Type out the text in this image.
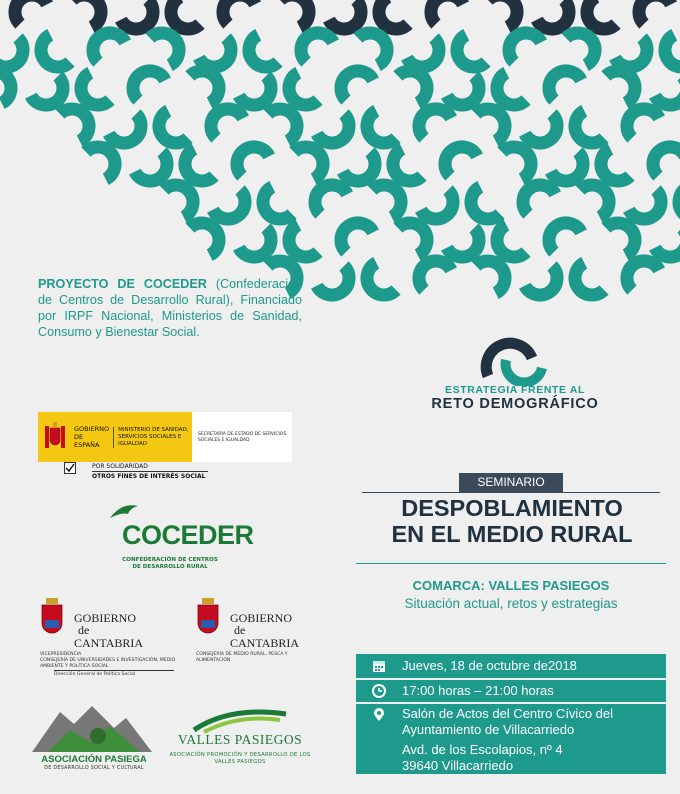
PROYECTO DE COCEDER (Confederación de Centros de Desarrollo Rural), Financiado por IRPF Nacional, Ministerios de Sanidad, Consumo y Bienestar Social.
ESTRATEGIA FRENTE AL
RETO DEMOGRÁFICO
GOBIERNO DE ESPAÑA
MINISTERIO DE SANIDAD, SERVICIOS SOCIALES E IGUALDAD
SECRETARÍA DE ESTADO DE SERVICIOS SOCIALES E IGUALDAD
POR SOLIDARIDAD
OTROS FINES DE INTERÉS SOCIAL
COCEDER
CONFEDERACIÓN DE CENTROS DE DESARROLLO RURAL
GOBIERNO
de
CANTABRIA
VICEPRESIDENCIA
CONSEJERÍA DE UNIVERSIDADES E INVESTIGACIÓN, MEDIO AMBIENTE Y POLÍTICA SOCIAL
Dirección General de Política Social
GOBIERNO
de
CANTABRIA
CONSEJERÍA DE MEDIO RURAL, PESCA Y ALIMENTACIÓN
ASOCIACIÓN PASIEGA
DE DESARROLLO SOCIAL Y CULTURAL
VALLES PASIEGOS
ASOCIACIÓN PROMOCIÓN Y DESARROLLO DE LOS VALLES PASIEGOS
SEMINARIO
DESPOBLAMIENTO
EN EL MEDIO RURAL
COMARCA: VALLES PASIEGOS
Situación actual, retos y estrategias
Jueves, 18 de octubre de2018
17:00 horas – 21:00 horas
Salón de Actos del Centro Cívico del
Ayuntamiento de Villacarriedo
Avd. de los Escolapios, nº 4
39640 Villacarriedo
